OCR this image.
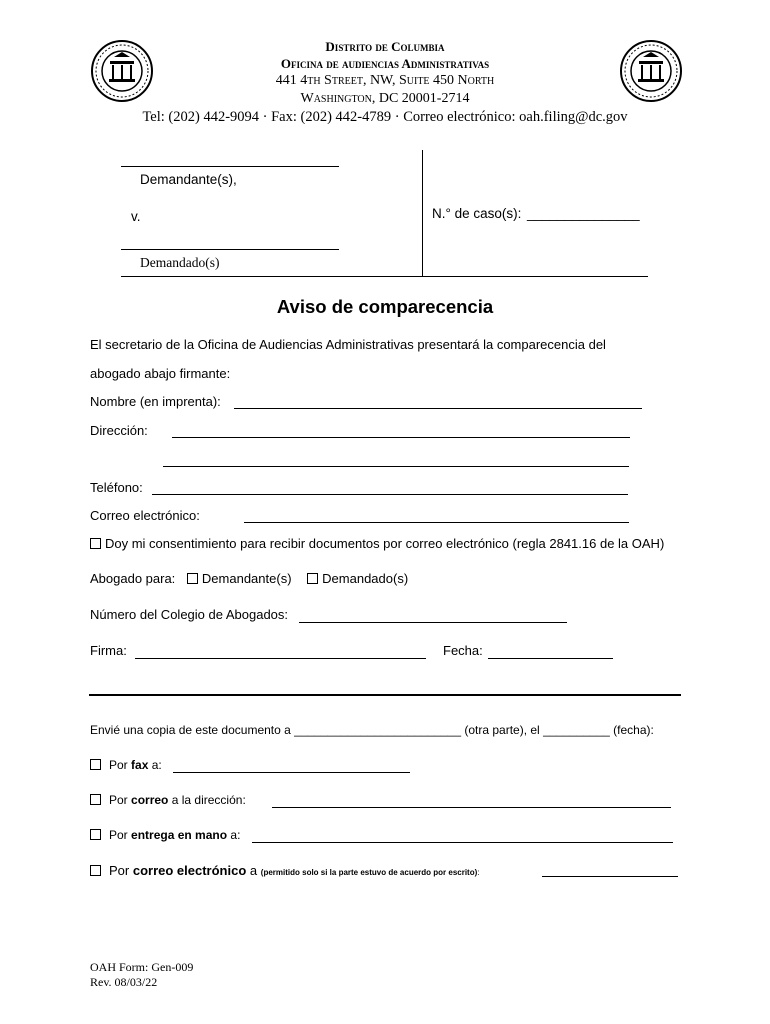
Distrito de Columbia
Oficina de audiencias Administrativas
441 4th Street, NW, Suite 450 North
Washington, DC 20001-2714
Tel: (202) 442-9094 · Fax: (202) 442-4789 · Correo electrónico: oah.filing@dc.gov
Demandante(s),
v.
Demandado(s)
N.° de caso(s): _______________
Aviso de comparecencia
El secretario de la Oficina de Audiencias Administrativas presentará la comparecencia del
abogado abajo firmante:
Nombre (en imprenta):
Dirección:
Teléfono:
Correo electrónico:
Doy mi consentimiento para recibir documentos por correo electrónico (regla 2841.16 de la OAH)
Abogado para: Demandante(s) Demandado(s)
Número del Colegio de Abogados:
Firma:	Fecha:
Envié una copia de este documento a _________________________ (otra parte), el __________ (fecha):
Por fax a:
Por correo a la dirección:
Por entrega en mano a:
Por correo electrónico a (permitido solo si la parte estuvo de acuerdo por escrito):
OAH Form: Gen-009
Rev. 08/03/22
